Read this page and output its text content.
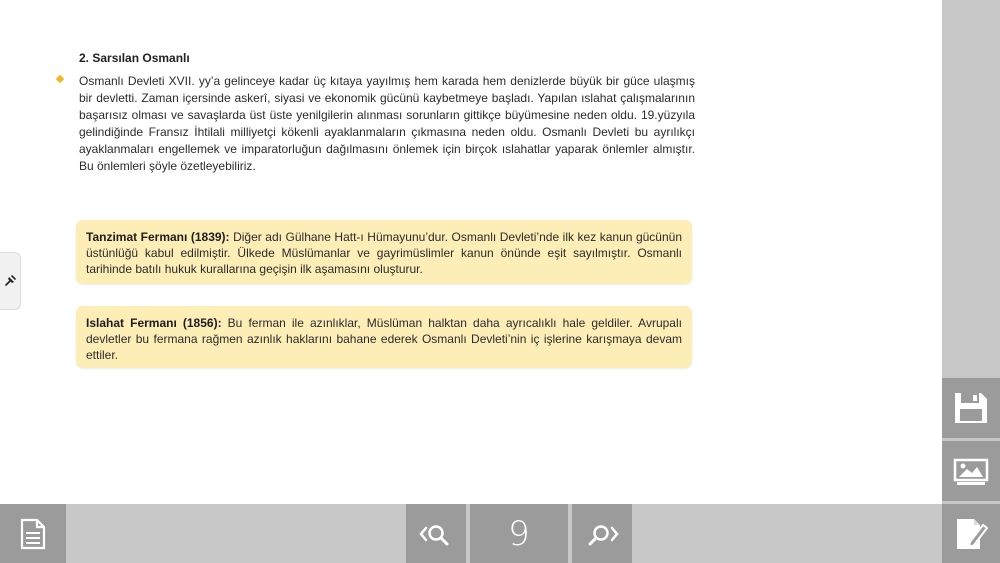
2. Sarsılan Osmanlı

Osmanlı Devleti XVII. yy’a gelinceye kadar üç kıtaya yayılmış hem karada hem denizlerde büyük bir güce ulaşmış bir devletti. Zaman içersinde askerî, siyasi ve ekonomik gücünü kaybetmeye başladı. Yapılan ıslahat çalışmalarının başarısız olması ve savaşlarda üst üste yenilgilerin alınması sorunların gittikçe büyümesine neden oldu. 19.yüzyıla gelindiğinde Fransız İhtilali milliyetçi kökenli ayaklanmaların çıkmasına neden oldu. Osmanlı Devleti bu ayrılıkçı ayaklanmaları engellemek ve imparatorluğun dağılmasını önlemek için birçok ıslahatlar yaparak önlemler almıştır. Bu önlemleri şöyle özetleyebiliriz.

Tanzimat Fermanı (1839): Diğer adı Gülhane Hatt-ı Hümayunu’dur. Osmanlı Devleti’nde ilk kez kanun gücünün üstünlüğü kabul edilmiştir. Ülkede Müslümanlar ve gayrimüslimler kanun önünde eşit sayılmıştır. Osmanlı tarihinde batılı hukuk kurallarına geçişin ilk aşamasını oluşturur.
Islahat Fermanı (1856): Bu ferman ile azınlıklar, Müslüman halktan daha ayrıcalıklı hale geldiler. Avrupalı devletler bu fermana rağmen azınlık haklarını bahane ederek Osmanlı Devleti’nin iç işlerine karışmaya devam ettiler.
9
